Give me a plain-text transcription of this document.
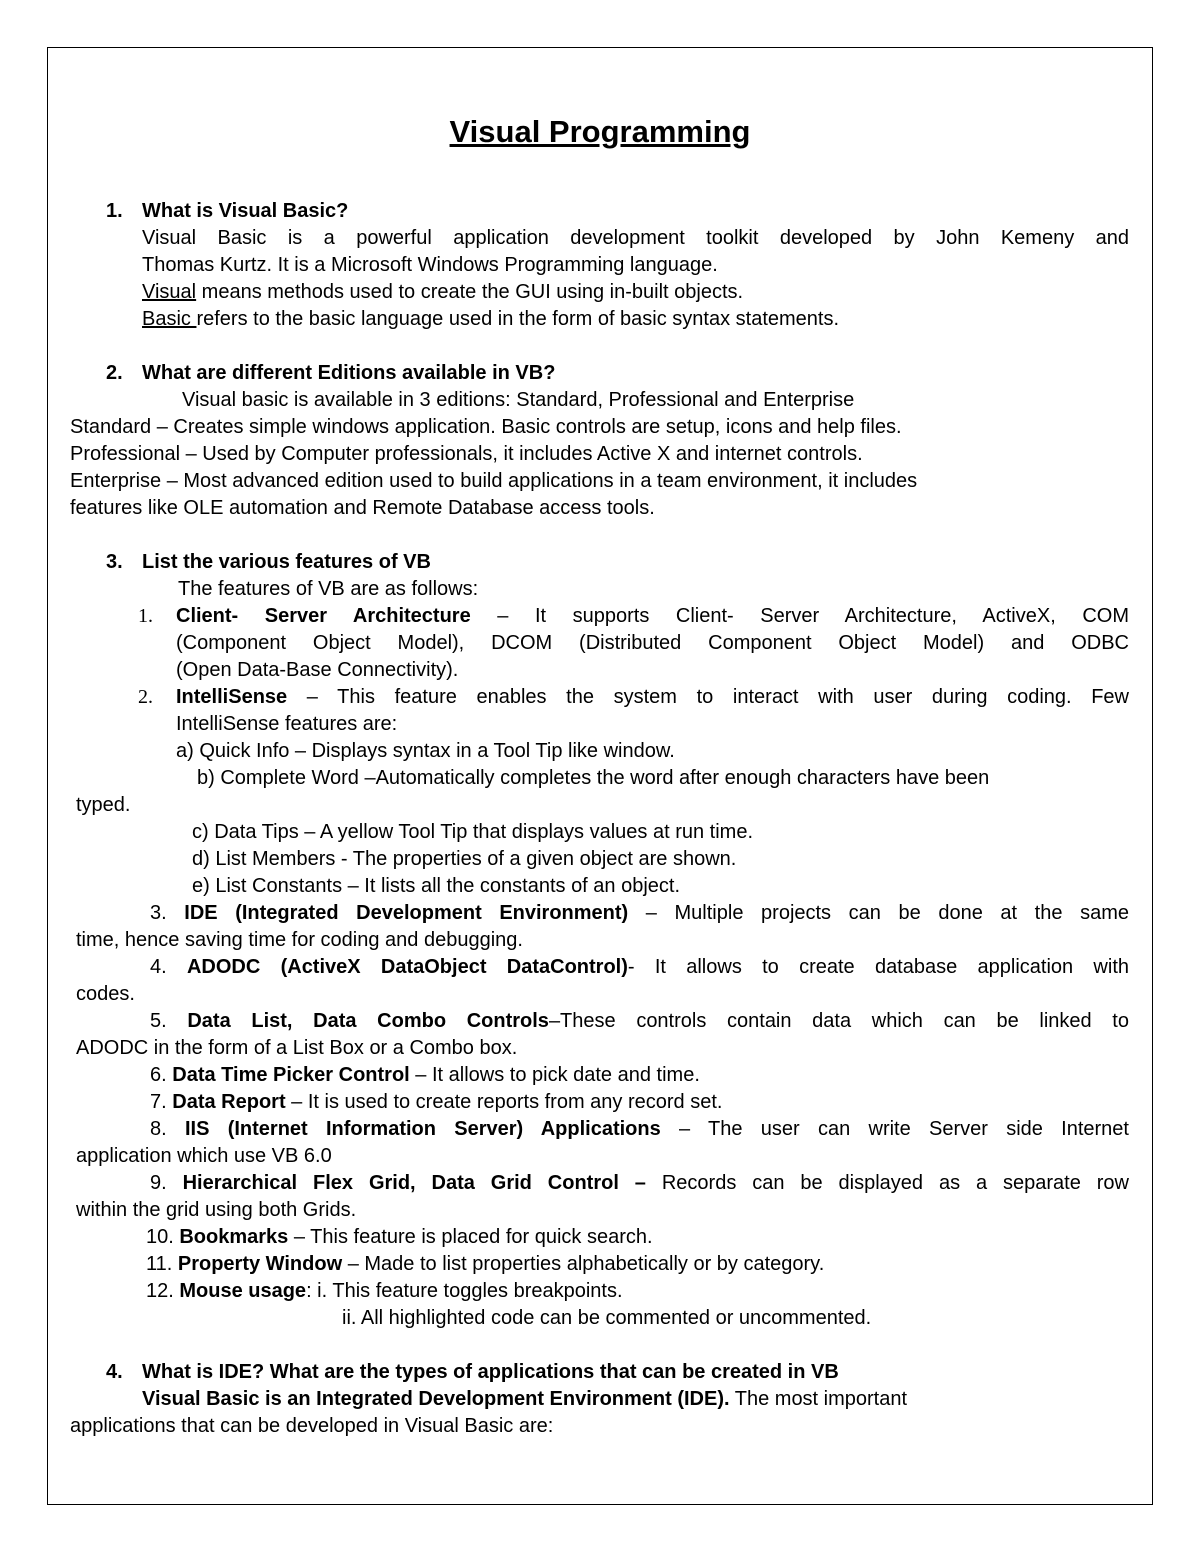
Visual Programming
1. What is Visual Basic?
Visual Basic is a powerful application development toolkit developed by John Kemeny and
Thomas Kurtz. It is a Microsoft Windows Programming language.
Visual means methods used to create the GUI using in-built objects.
Basic refers to the basic language used in the form of basic syntax statements.
2. What are different Editions available in VB?
Visual basic is available in 3 editions: Standard, Professional and Enterprise
Standard – Creates simple windows application. Basic controls are setup, icons and help files.
Professional – Used by Computer professionals, it includes Active X and internet controls.
Enterprise – Most advanced edition used to build applications in a team environment, it includes
features like OLE automation and Remote Database access tools.
3. List the various features of VB
The features of VB are as follows:
1. Client- Server Architecture – It supports Client- Server Architecture, ActiveX, COM
(Component Object Model), DCOM (Distributed Component Object Model) and ODBC
(Open Data-Base Connectivity).
2. IntelliSense – This feature enables the system to interact with user during coding. Few
IntelliSense features are:
a) Quick Info – Displays syntax in a Tool Tip like window.
b) Complete Word –Automatically completes the word after enough characters have been
typed.
c) Data Tips – A yellow Tool Tip that displays values at run time.
d) List Members - The properties of a given object are shown.
e) List Constants – It lists all the constants of an object.
3. IDE (Integrated Development Environment) – Multiple projects can be done at the same
time, hence saving time for coding and debugging.
4. ADODC (ActiveX DataObject DataControl)- It allows to create database application with
codes.
5. Data List, Data Combo Controls–These controls contain data which can be linked to
ADODC in the form of a List Box or a Combo box.
6. Data Time Picker Control – It allows to pick date and time.
7. Data Report – It is used to create reports from any record set.
8. IIS (Internet Information Server) Applications – The user can write Server side Internet
application which use VB 6.0
9. Hierarchical Flex Grid, Data Grid Control – Records can be displayed as a separate row
within the grid using both Grids.
10. Bookmarks – This feature is placed for quick search.
11. Property Window – Made to list properties alphabetically or by category.
12. Mouse usage: i. This feature toggles breakpoints.
ii. All highlighted code can be commented or uncommented.
4. What is IDE? What are the types of applications that can be created in VB
Visual Basic is an Integrated Development Environment (IDE). The most important
applications that can be developed in Visual Basic are:
